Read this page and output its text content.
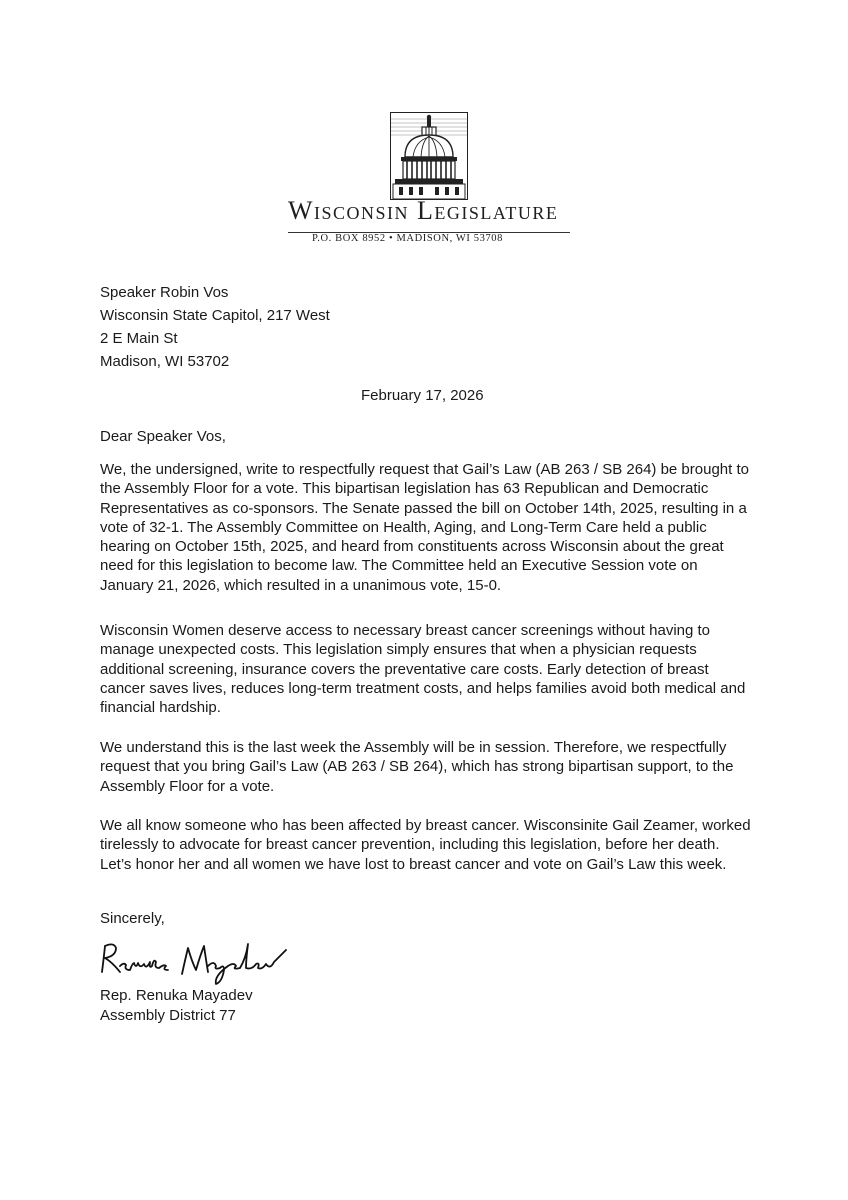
Wisconsin Legislature
P.O. BOX 8952 • MADISON, WI 53708
Speaker Robin Vos
Wisconsin State Capitol, 217 West
2 E Main St
Madison, WI 53702
February 17, 2026
Dear Speaker Vos,
We, the undersigned, write to respectfully request that Gail’s Law (AB 263 / SB 264) be brought to the Assembly Floor for a vote. This bipartisan legislation has 63 Republican and Democratic Representatives as co-sponsors. The Senate passed the bill on October 14th, 2025, resulting in a vote of 32-1. The Assembly Committee on Health, Aging, and Long-Term Care held a public hearing on October 15th, 2025, and heard from constituents across Wisconsin about the great need for this legislation to become law. The Committee held an Executive Session vote on January 21, 2026, which resulted in a unanimous vote, 15-0.
Wisconsin Women deserve access to necessary breast cancer screenings without having to manage unexpected costs. This legislation simply ensures that when a physician requests additional screening, insurance covers the preventative care costs. Early detection of breast cancer saves lives, reduces long-term treatment costs, and helps families avoid both medical and financial hardship.
We understand this is the last week the Assembly will be in session. Therefore, we respectfully request that you bring Gail’s Law (AB 263 / SB 264), which has strong bipartisan support, to the Assembly Floor for a vote.
We all know someone who has been affected by breast cancer. Wisconsinite Gail Zeamer, worked tirelessly to advocate for breast cancer prevention, including this legislation, before her death. Let’s honor her and all women we have lost to breast cancer and vote on Gail’s Law this week.
Sincerely,
Rep. Renuka Mayadev
Assembly District 77
